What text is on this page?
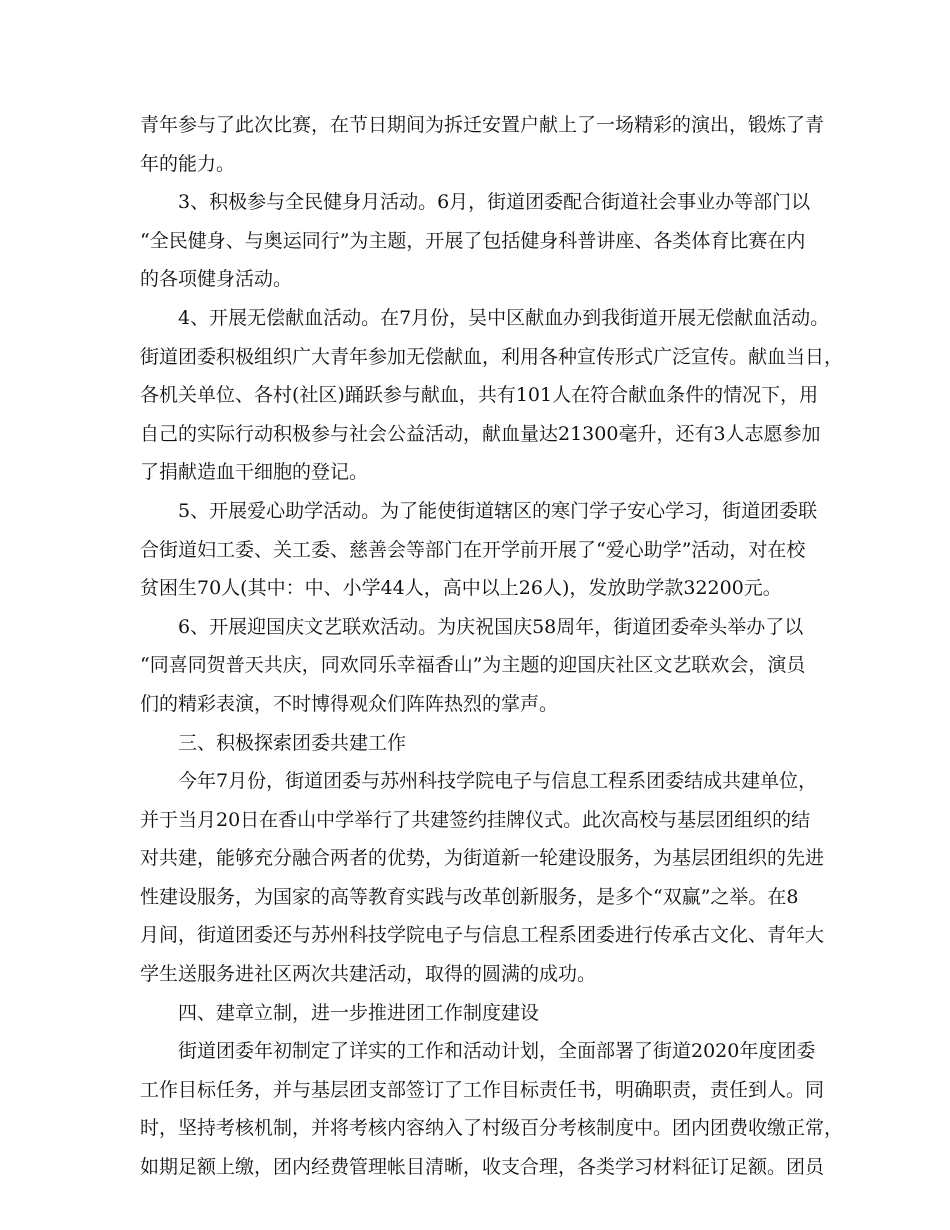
青年参与了此次比赛，在节日期间为拆迁安置户献上了一场精彩的演出，锻炼了青
年的能力。
3、积极参与全民健身月活动。6月，街道团委配合街道社会事业办等部门以
“全民健身、与奥运同行”为主题，开展了包括健身科普讲座、各类体育比赛在内
的各项健身活动。
4、开展无偿献血活动。在7月份，吴中区献血办到我街道开展无偿献血活动。
街道团委积极组织广大青年参加无偿献血，利用各种宣传形式广泛宣传。献血当日，
各机关单位、各村(社区)踊跃参与献血，共有101人在符合献血条件的情况下，用
自己的实际行动积极参与社会公益活动，献血量达21300毫升，还有3人志愿参加
了捐献造血干细胞的登记。
5、开展爱心助学活动。为了能使街道辖区的寒门学子安心学习，街道团委联
合街道妇工委、关工委、慈善会等部门在开学前开展了“爱心助学”活动，对在校
贫困生70人(其中：中、小学44人，高中以上26人)，发放助学款32200元。
6、开展迎国庆文艺联欢活动。为庆祝国庆58周年，街道团委牵头举办了以
“同喜同贺普天共庆，同欢同乐幸福香山”为主题的迎国庆社区文艺联欢会，演员
们的精彩表演，不时博得观众们阵阵热烈的掌声。
三、积极探索团委共建工作
今年7月份，街道团委与苏州科技学院电子与信息工程系团委结成共建单位，
并于当月20日在香山中学举行了共建签约挂牌仪式。此次高校与基层团组织的结
对共建，能够充分融合两者的优势，为街道新一轮建设服务，为基层团组织的先进
性建设服务，为国家的高等教育实践与改革创新服务，是多个“双赢”之举。在8
月间，街道团委还与苏州科技学院电子与信息工程系团委进行传承古文化、青年大
学生送服务进社区两次共建活动，取得的圆满的成功。
四、建章立制，进一步推进团工作制度建设
街道团委年初制定了详实的工作和活动计划，全面部署了街道2020年度团委
工作目标任务，并与基层团支部签订了工作目标责任书，明确职责，责任到人。同
时，坚持考核机制，并将考核内容纳入了村级百分考核制度中。团内团费收缴正常，
如期足额上缴，团内经费管理帐目清晰，收支合理，各类学习材料征订足额。团员
